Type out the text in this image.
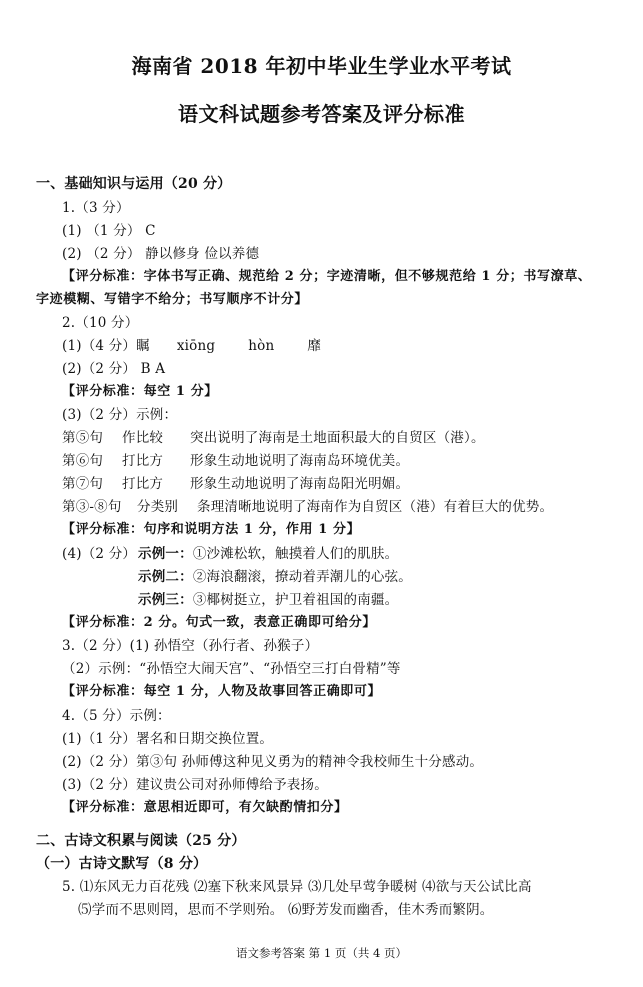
海南省 2018 年初中毕业生学业水平考试
语文科试题参考答案及评分标准
一、基础知识与运用（20 分）
1.（3 分）
(1) （1 分） C
(2) （2 分） 静以修身 俭以养德
【评分标准：字体书写正确、规范给 2 分；字迹清晰，但不够规范给 1 分；书写潦草、
字迹模糊、写错字不给分；书写顺序不计分】
2.（10 分）
(1)（4 分）瞩 xiōng hòn 靡
(2)（2 分） B A
【评分标准：每空 1 分】
(3)（2 分）示例：
第⑤句 作比较 突出说明了海南是土地面积最大的自贸区（港）。
第⑥句 打比方 形象生动地说明了海南岛环境优美。
第⑦句 打比方 形象生动地说明了海南岛阳光明媚。
第③-⑧句 分类别 条理清晰地说明了海南作为自贸区（港）有着巨大的优势。
【评分标准：句序和说明方法 1 分，作用 1 分】
(4)（2 分） 示例一：①沙滩松软，触摸着人们的肌肤。
示例二：②海浪翻滚，撩动着弄潮儿的心弦。
示例三：③椰树挺立，护卫着祖国的南疆。
【评分标准：2 分。句式一致，表意正确即可给分】
3.（2 分）(1) 孙悟空（孙行者、孙猴子）
（2）示例：“孙悟空大闹天宫”、“孙悟空三打白骨精”等
【评分标准：每空 1 分，人物及故事回答正确即可】
4.（5 分）示例：
(1)（1 分）署名和日期交换位置。
(2)（2 分）第③句 孙师傅这种见义勇为的精神令我校师生十分感动。
(3)（2 分）建议贵公司对孙师傅给予表扬。
【评分标准：意思相近即可，有欠缺酌情扣分】
二、古诗文积累与阅读（25 分）
（一）古诗文默写（8 分）
5. ⑴东风无力百花残 ⑵塞下秋来风景异 ⑶几处早莺争暖树 ⑷欲与天公试比高
⑸学而不思则罔，思而不学则殆。 ⑹野芳发而幽香，佳木秀而繁阴。
语文参考答案 第 1 页（共 4 页）
